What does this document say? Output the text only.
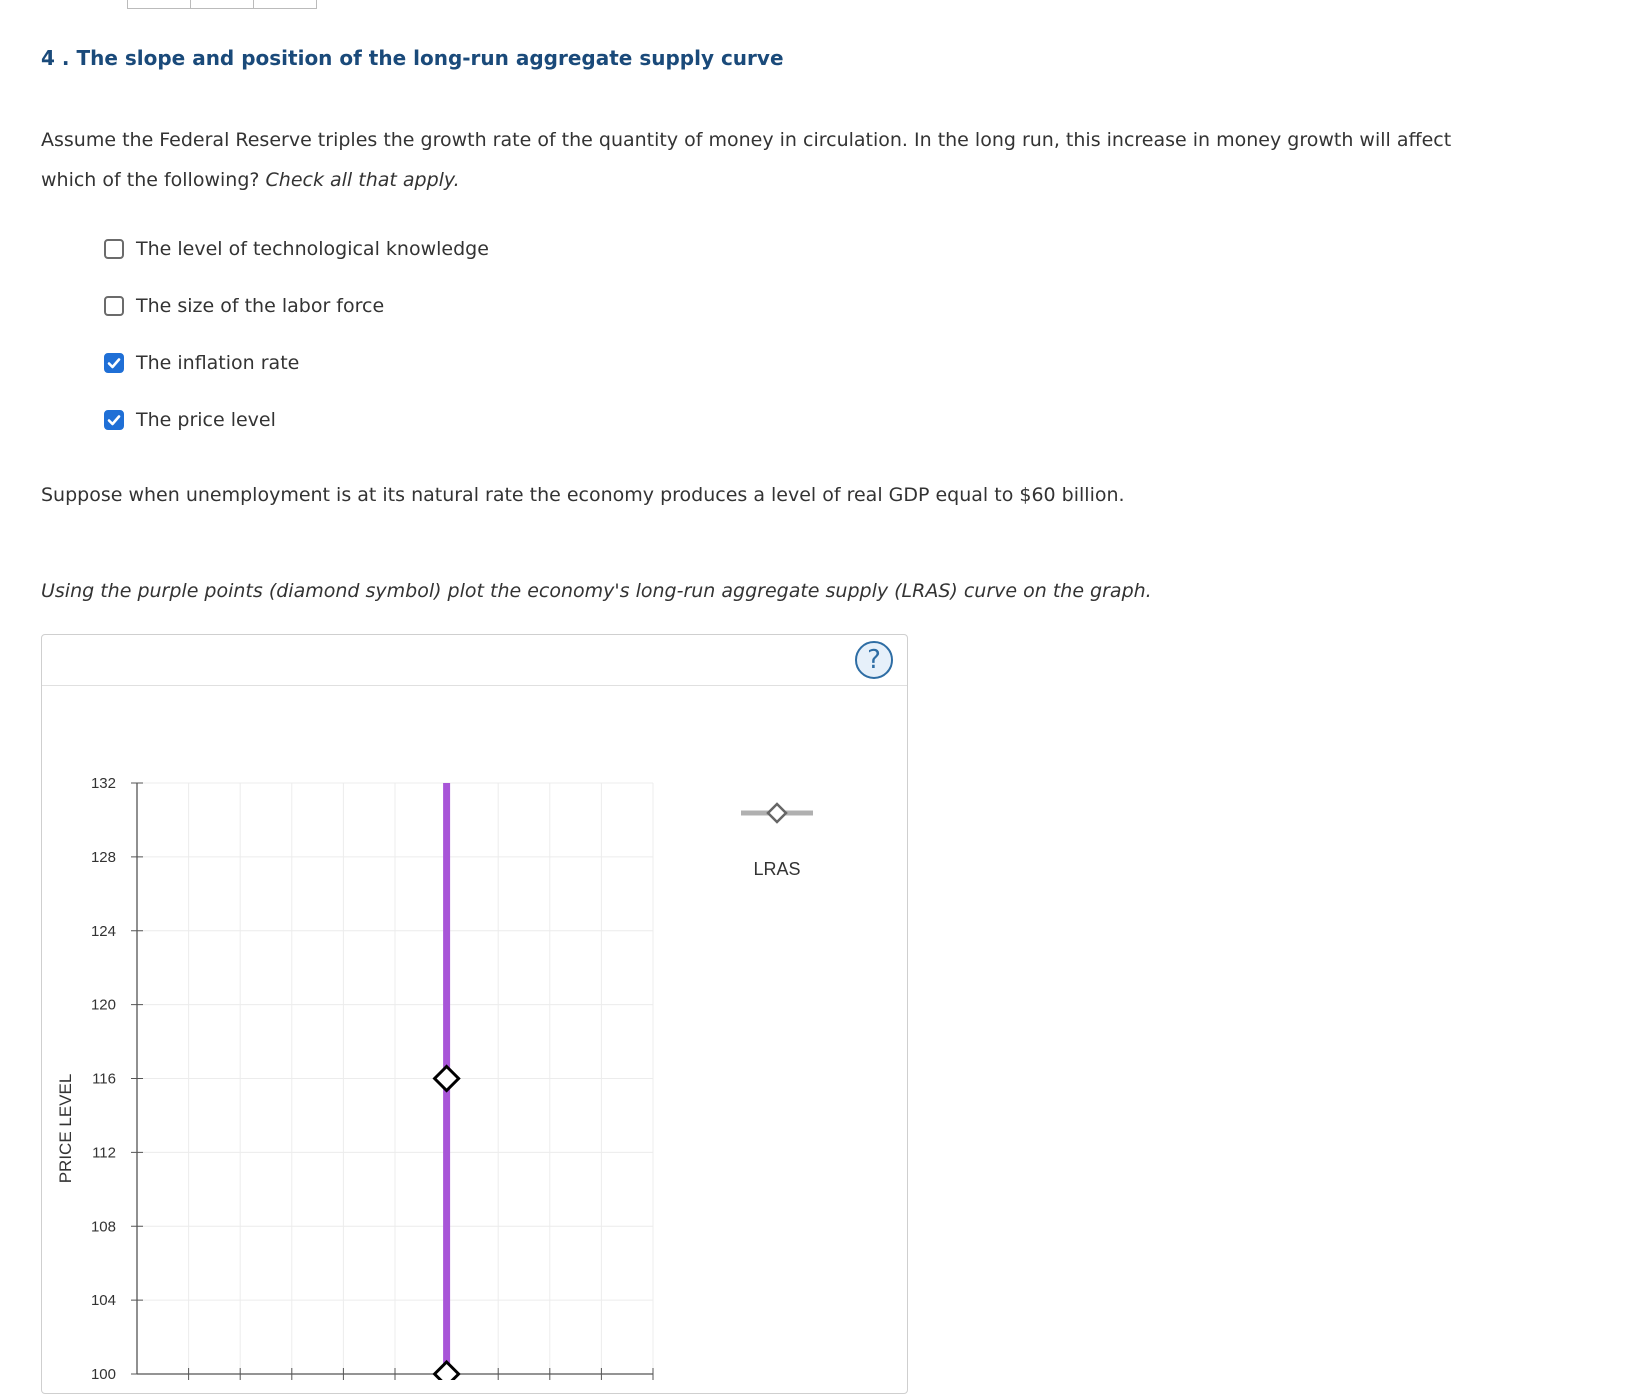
4 . The slope and position of the long-run aggregate supply curve

Assume the Federal Reserve triples the growth rate of the quantity of money in circulation. In the long run, this increase in money growth will affect which of the following? Check all that apply.

The level of technological knowledge
The size of the labor force
The inflation rate
The price level

Suppose when unemployment is at its natural rate the economy produces a level of real GDP equal to $60 billion.

Using the purple points (diamond symbol) plot the economy's long-run aggregate supply (LRAS) curve on the graph.

?
100
104
108
112
116
120
124
128
132
PRICE LEVEL
LRAS
